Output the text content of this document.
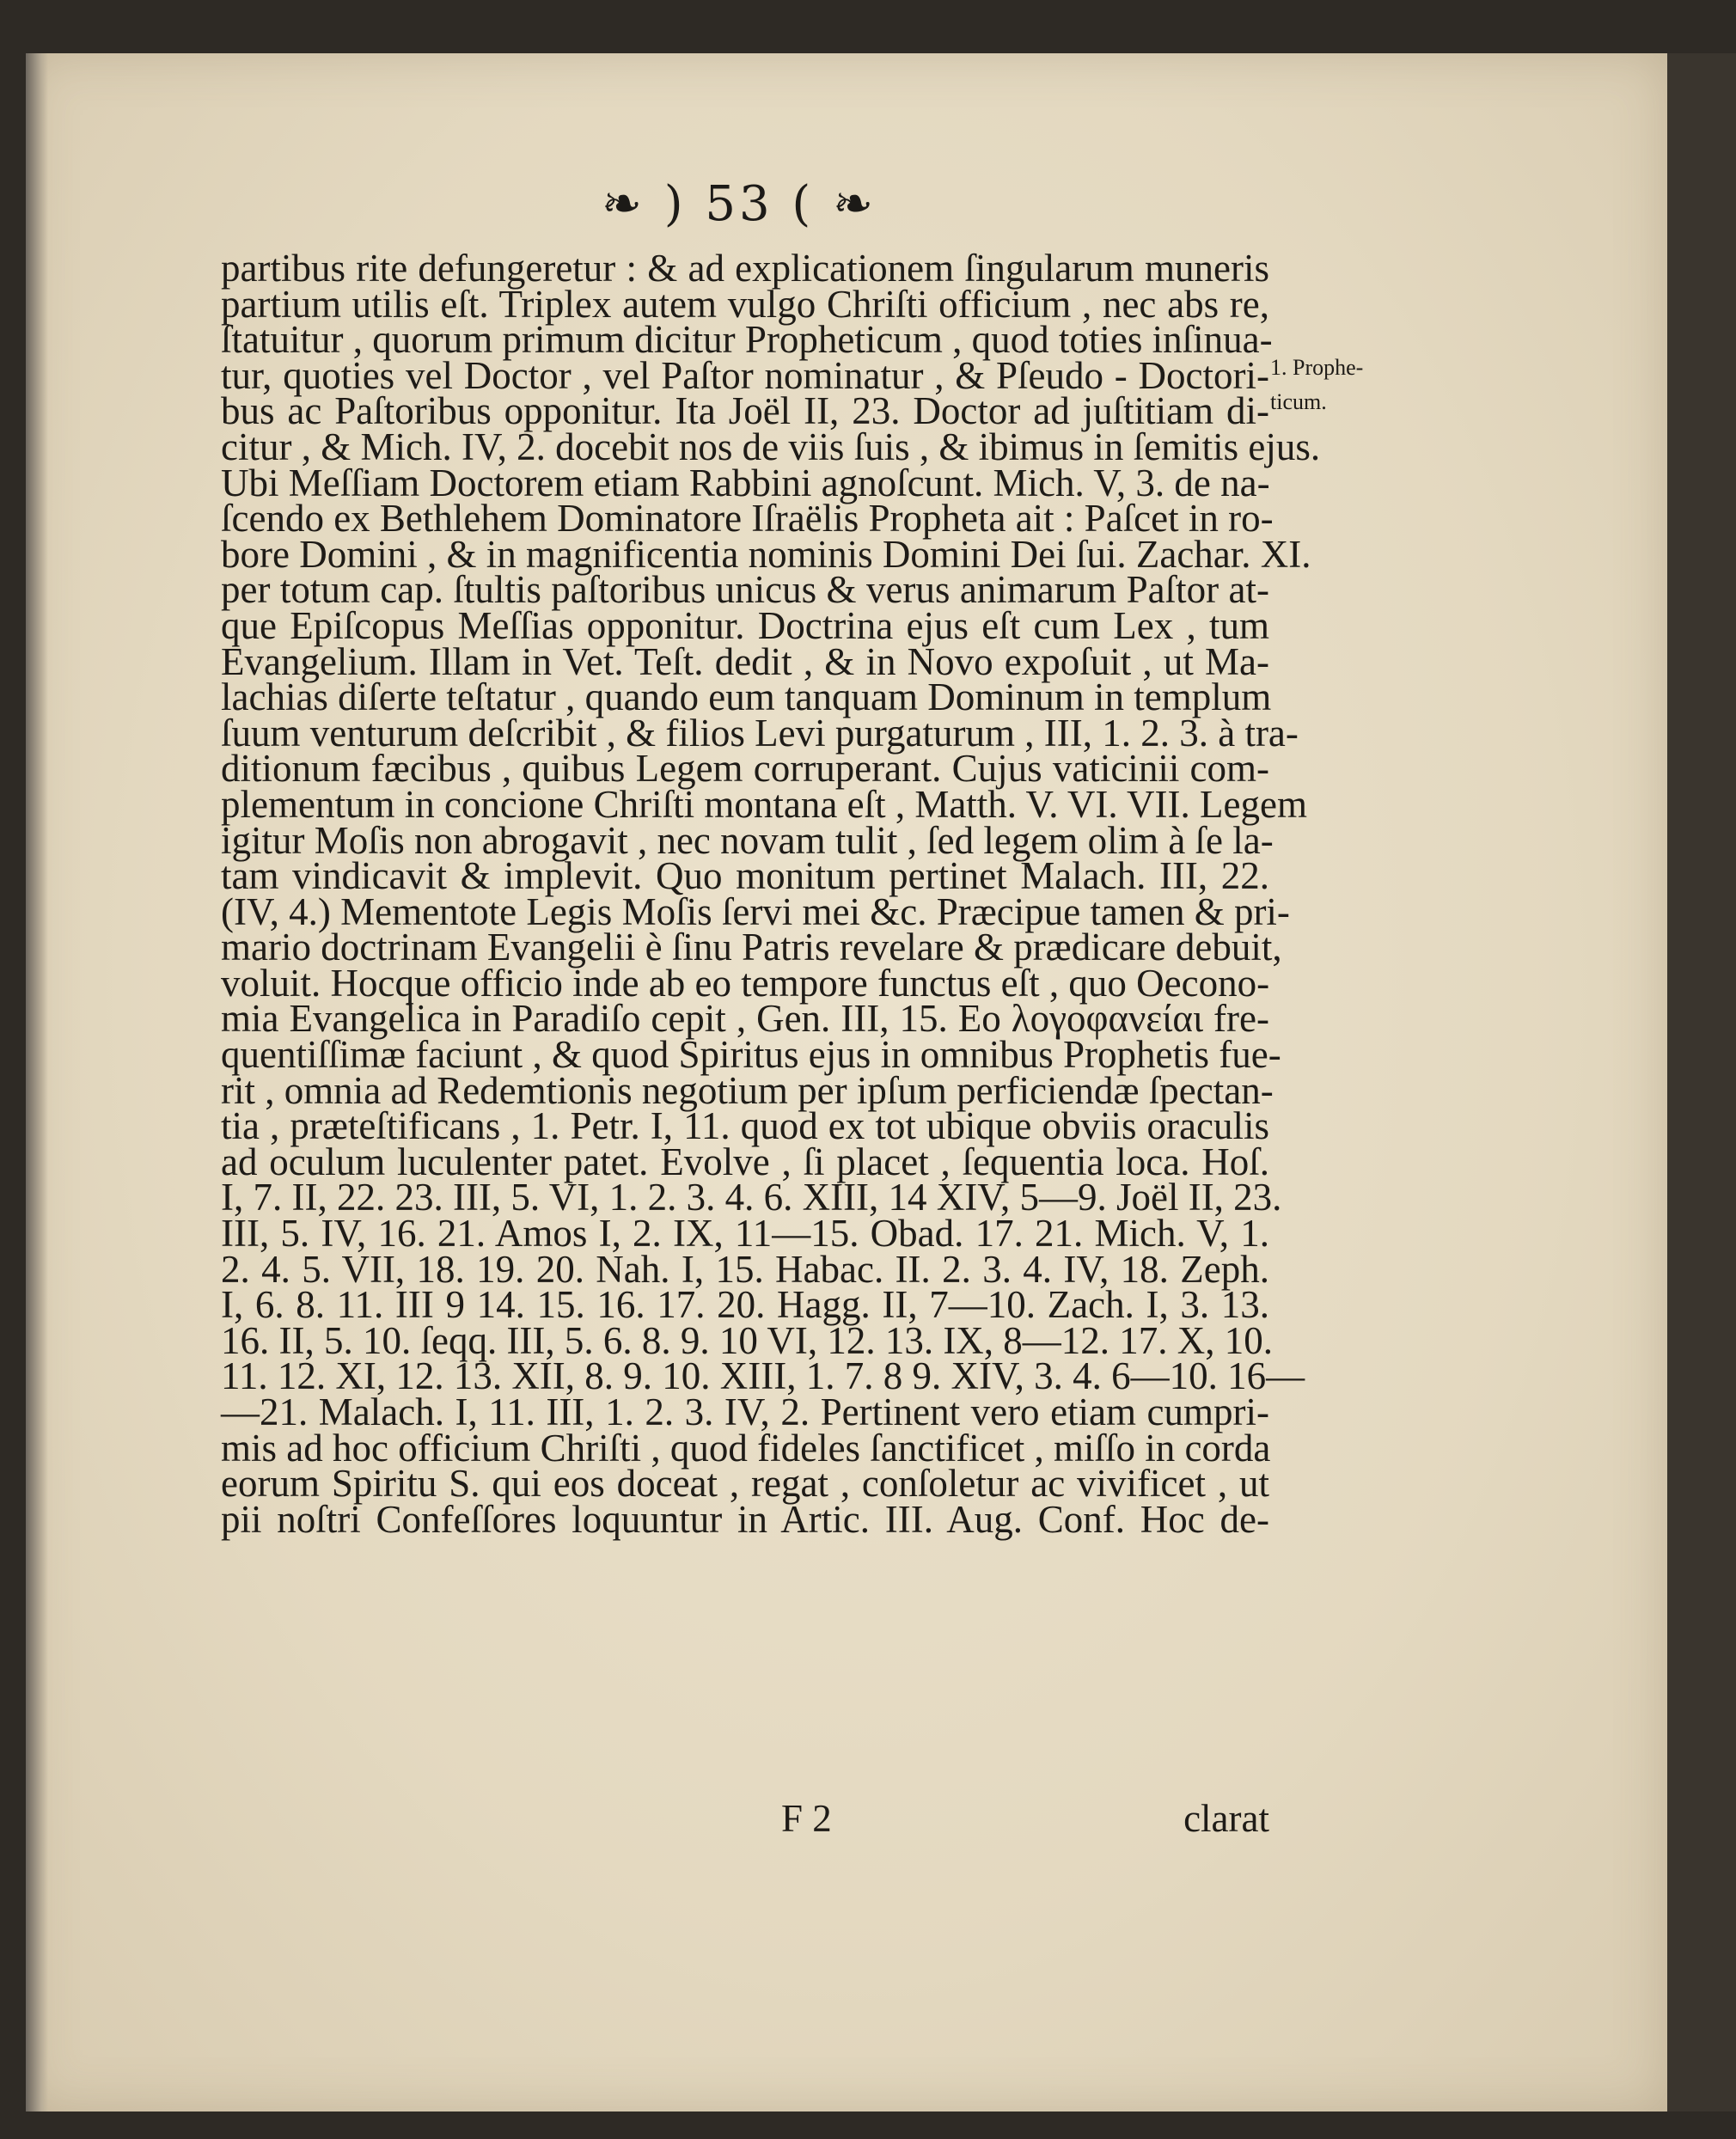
❧ ) 53 ( ❧
1. Prophe-
ticum.
partibus rite defungeretur : & ad explicationem ſingularum muneris
partium utilis eſt. Triplex autem vulgo Chriſti officium , nec abs re,
ſtatuitur , quorum primum dicitur Propheticum , quod toties inſinua-
tur, quoties vel Doctor , vel Paſtor nominatur , & Pſeudo - Doctori-
bus ac Paſtoribus opponitur. Ita Joël II, 23. Doctor ad juſtitiam di-
citur , & Mich. IV, 2. docebit nos de viis ſuis , & ibimus in ſemitis ejus.
Ubi Meſſiam Doctorem etiam Rabbini agnoſcunt. Mich. V, 3. de na-
ſcendo ex Bethlehem Dominatore Iſraëlis Propheta ait : Paſcet in ro-
bore Domini , & in magnificentia nominis Domini Dei ſui. Zachar. XI.
per totum cap. ſtultis paſtoribus unicus & verus animarum Paſtor at-
que Epiſcopus Meſſias opponitur. Doctrina ejus eſt cum Lex , tum
Evangelium. Illam in Vet. Teſt. dedit , & in Novo expoſuit , ut Ma-
lachias diſerte teſtatur , quando eum tanquam Dominum in templum
ſuum venturum deſcribit , & filios Levi purgaturum , III, 1. 2. 3. à tra-
ditionum fæcibus , quibus Legem corruperant. Cujus vaticinii com-
plementum in concione Chriſti montana eſt , Matth. V. VI. VII. Legem
igitur Moſis non abrogavit , nec novam tulit , ſed legem olim à ſe la-
tam vindicavit & implevit. Quo monitum pertinet Malach. III, 22.
(IV, 4.) Mementote Legis Moſis ſervi mei &c. Præcipue tamen & pri-
mario doctrinam Evangelii è ſinu Patris revelare & prædicare debuit,
voluit. Hocque officio inde ab eo tempore functus eſt , quo Oecono-
mia Evangelica in Paradiſo cepit , Gen. III, 15. Eo λογοφανείαι fre-
quentiſſimæ faciunt , & quod Spiritus ejus in omnibus Prophetis fue-
rit , omnia ad Redemtionis negotium per ipſum perficiendæ ſpectan-
tia , præteſtificans , 1. Petr. I, 11. quod ex tot ubique obviis oraculis
ad oculum luculenter patet. Evolve , ſi placet , ſequentia loca. Hoſ.
I, 7. II, 22. 23. III, 5. VI, 1. 2. 3. 4. 6. XIII, 14 XIV, 5—9. Joël II, 23.
III, 5. IV, 16. 21. Amos I, 2. IX, 11—15. Obad. 17. 21. Mich. V, 1.
2. 4. 5. VII, 18. 19. 20. Nah. I, 15. Habac. II. 2. 3. 4. IV, 18. Zeph.
I, 6. 8. 11. III 9 14. 15. 16. 17. 20. Hagg. II, 7—10. Zach. I, 3. 13.
16. II, 5. 10. ſeqq. III, 5. 6. 8. 9. 10 VI, 12. 13. IX, 8—12. 17. X, 10.
11. 12. XI, 12. 13. XII, 8. 9. 10. XIII, 1. 7. 8 9. XIV, 3. 4. 6—10. 16—
—21. Malach. I, 11. III, 1. 2. 3. IV, 2. Pertinent vero etiam cumpri-
mis ad hoc officium Chriſti , quod fideles ſanctificet , miſſo in corda
eorum Spiritu S. qui eos doceat , regat , conſoletur ac vivificet , ut
pii noſtri Confeſſores loquuntur in Artic. III. Aug. Conf. Hoc de-
F 2	clarat
